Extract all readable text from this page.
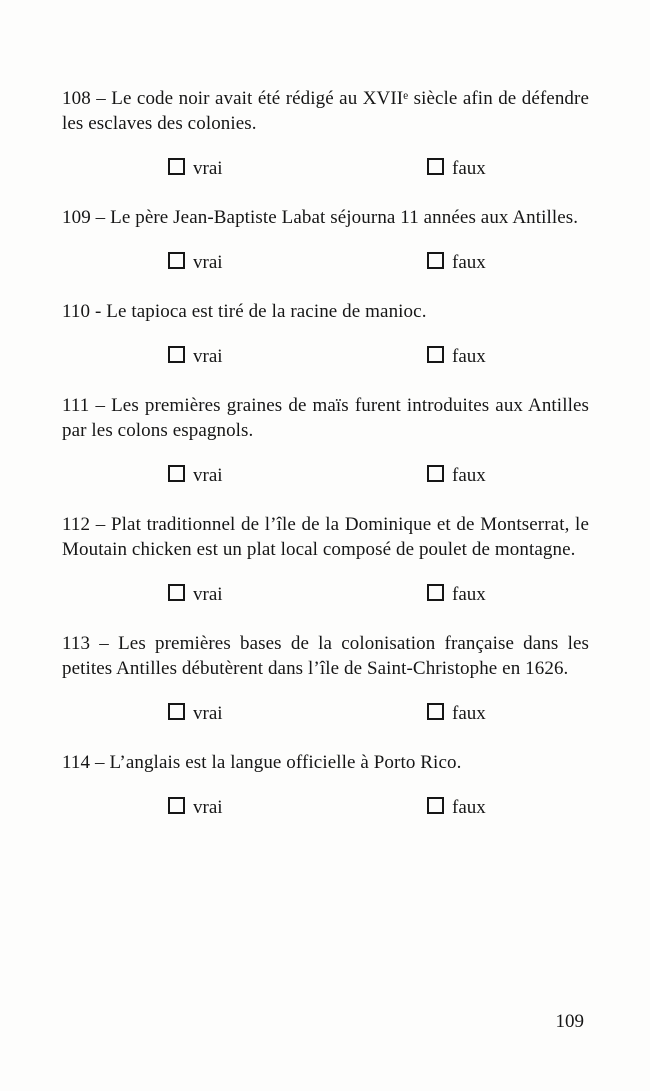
108 – Le code noir avait été rédigé au XVIIᵉ siècle afin de défendre les esclaves des colonies.

vrai	faux

109 – Le père Jean-Baptiste Labat séjourna 11 années aux Antilles.

vrai	faux

110 - Le tapioca est tiré de la racine de manioc.

vrai	faux

111 – Les premières graines de maïs furent introduites aux Antilles par les colons espagnols.

vrai	faux

112 – Plat traditionnel de l’île de la Dominique et de Montserrat, le Moutain chicken est un plat local composé de poulet de montagne.

vrai	faux

113 – Les premières bases de la colonisation française dans les petites Antilles débutèrent dans l’île de Saint-Christophe en 1626.

vrai	faux

114 – L’anglais est la langue officielle à Porto Rico.

vrai	faux
109
